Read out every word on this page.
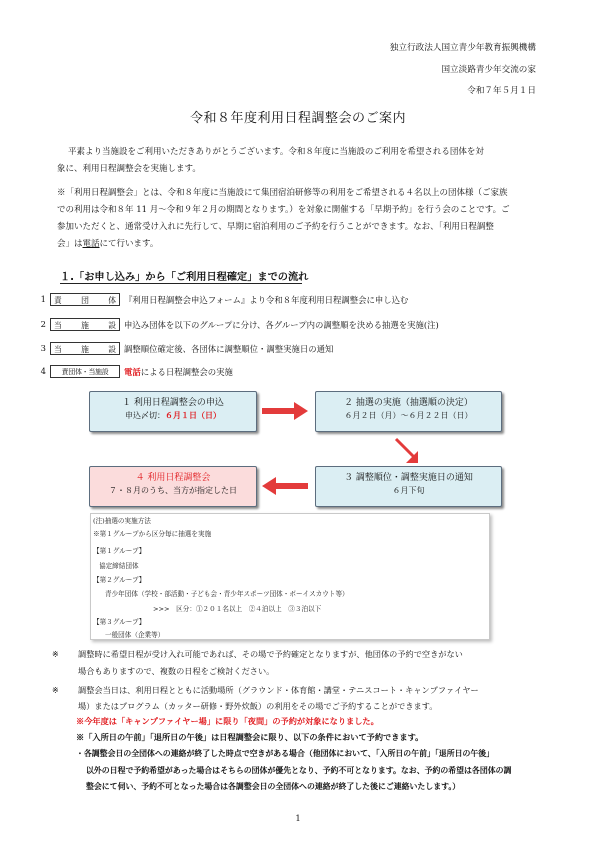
独立行政法人国立青少年教育振興機構
国立淡路青少年交流の家
令和７年５月１日
令和８年度利用日程調整会のご案内
平素より当施設をご利用いただきありがとうございます。令和８年度に当施設のご利用を希望される団体を対
象に、利用日程調整会を実施します。
※「利用日程調整会」とは、令和８年度に当施設にて集団宿泊研修等の利用をご希望される４名以上の団体様（ご家族
での利用は令和８年 11 月～令和９年２月の期間となります。）を対象に開催する「早期予約」を行う会のことです。ご
参加いただくと、通常受け入れに先行して、早期に宿泊利用のご予約を行うことができます。なお、「利用日程調整
会」は電話にて行います。
１.「お申し込み」から「ご利用日程確定」までの流れ
1	責　団　体 『利用日程調整会申込フォーム』より令和８年度利用日程調整会に申し込む
2	当　施　設 申込み団体を以下のグループに分け、各グループ内の調整順を決める抽選を実施(注)
3	当　施　設 調整順位確定後、各団体に調整順位・調整実施日の通知
4	責団体・当施設	電話による日程調整会の実施
１ 利用日程調整会の申込
申込〆切：６月１日（日）
２ 抽選の実施（抽選順の決定）
６月２日（月）～６月２２日（日）
３ 調整順位・調整実施日の通知
６月下旬
４ 利用日程調整会
７・８月のうち、当方が指定した日
(注)抽選の実施方法
※第１グループから区分毎に抽選を実施
【第１グループ】
協定締結団体
【第２グループ】
青少年団体（学校・部活動・子ども会・青少年スポーツ団体・ボーイスカウト等）
>>>　区分：①２０１名以上　②４泊以上　③３泊以下
【第３グループ】
一般団体（企業等）
※ 調整時に希望日程が受け入れ可能であれば、その場で予約確定となりますが、他団体の予約で空きがない
場合もありますので、複数の日程をご検討ください。
※ 調整会当日は、利用日程とともに活動場所（グラウンド・体育館・講堂・テニスコート・キャンプファイヤー
場）またはプログラム（カッター研修・野外炊飯）の利用をその場でご予約することができます。
※今年度は「キャンプファイヤー場」に限り「夜間」の予約が対象になりました。
※「入所日の午前」「退所日の午後」は日程調整会に限り、以下の条件において予約できます。
・各調整会日の全団体への連絡が終了した時点で空きがある場合（他団体において、「入所日の午前」「退所日の午後」
以外の日程で予約希望があった場合はそちらの団体が優先となり、予約不可となります。なお、予約の希望は各団体の調
整会にて伺い、予約不可となった場合は各調整会日の全団体への連絡が終了した後にご連絡いたします。）
1
